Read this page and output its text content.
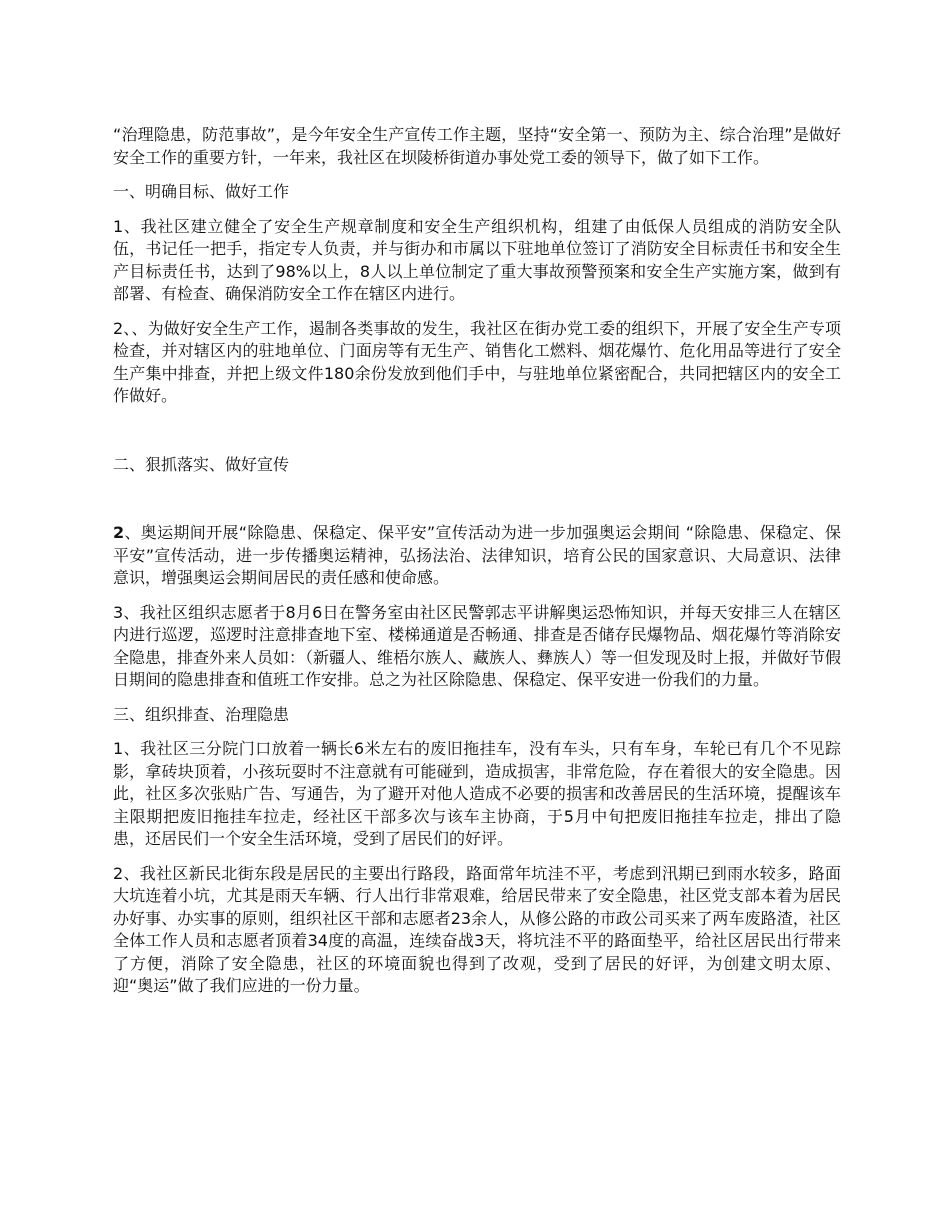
“治理隐患，防范事故”，是今年安全生产宣传工作主题，坚持“安全第一、预防为主、综合治理”是做好安全工作的重要方针，一年来，我社区在坝陵桥街道办事处党工委的领导下，做了如下工作。

一、明确目标、做好工作

1、我社区建立健全了安全生产规章制度和安全生产组织机构，组建了由低保人员组成的消防安全队伍，书记任一把手，指定专人负责，并与街办和市属以下驻地单位签订了消防安全目标责任书和安全生产目标责任书，达到了98%以上，8人以上单位制定了重大事故预警预案和安全生产实施方案，做到有部署、有检查、确保消防安全工作在辖区内进行。

2、、为做好安全生产工作，遏制各类事故的发生，我社区在街办党工委的组织下，开展了安全生产专项检查，并对辖区内的驻地单位、门面房等有无生产、销售化工燃料、烟花爆竹、危化用品等进行了安全生产集中排查，并把上级文件180余份发放到他们手中，与驻地单位紧密配合，共同把辖区内的安全工作做好。

二、狠抓落实、做好宣传

2、奥运期间开展“除隐患、保稳定、保平安”宣传活动为进一步加强奥运会期间 “除隐患、保稳定、保平安”宣传活动，进一步传播奥运精神，弘扬法治、法律知识，培育公民的国家意识、大局意识、法律意识，增强奥运会期间居民的责任感和使命感。

3、我社区组织志愿者于8月6日在警务室由社区民警郭志平讲解奥运恐怖知识，并每天安排三人在辖区内进行巡逻，巡逻时注意排查地下室、楼梯通道是否畅通、排查是否储存民爆物品、烟花爆竹等消除安全隐患，排查外来人员如：（新疆人、维梧尔族人、藏族人、彝族人）等一但发现及时上报，并做好节假日期间的隐患排查和值班工作安排。总之为社区除隐患、保稳定、保平安进一份我们的力量。

三、组织排查、治理隐患

1、我社区三分院门口放着一辆长6米左右的废旧拖挂车，没有车头，只有车身，车轮已有几个不见踪影，拿砖块顶着，小孩玩耍时不注意就有可能碰到，造成损害，非常危险，存在着很大的安全隐患。因此，社区多次张贴广告、写通告，为了避开对他人造成不必要的损害和改善居民的生活环境，提醒该车主限期把废旧拖挂车拉走，经社区干部多次与该车主协商，于5月中旬把废旧拖挂车拉走，排出了隐患，还居民们一个安全生活环境，受到了居民们的好评。

2、我社区新民北街东段是居民的主要出行路段，路面常年坑洼不平，考虑到汛期已到雨水较多，路面大坑连着小坑，尤其是雨天车辆、行人出行非常艰难，给居民带来了安全隐患，社区党支部本着为居民办好事、办实事的原则，组织社区干部和志愿者23余人，从修公路的市政公司买来了两车废路渣，社区全体工作人员和志愿者顶着34度的高温，连续奋战3天，将坑洼不平的路面垫平，给社区居民出行带来了方便，消除了安全隐患，社区的环境面貌也得到了改观，受到了居民的好评，为创建文明太原、迎“奥运”做了我们应进的一份力量。
